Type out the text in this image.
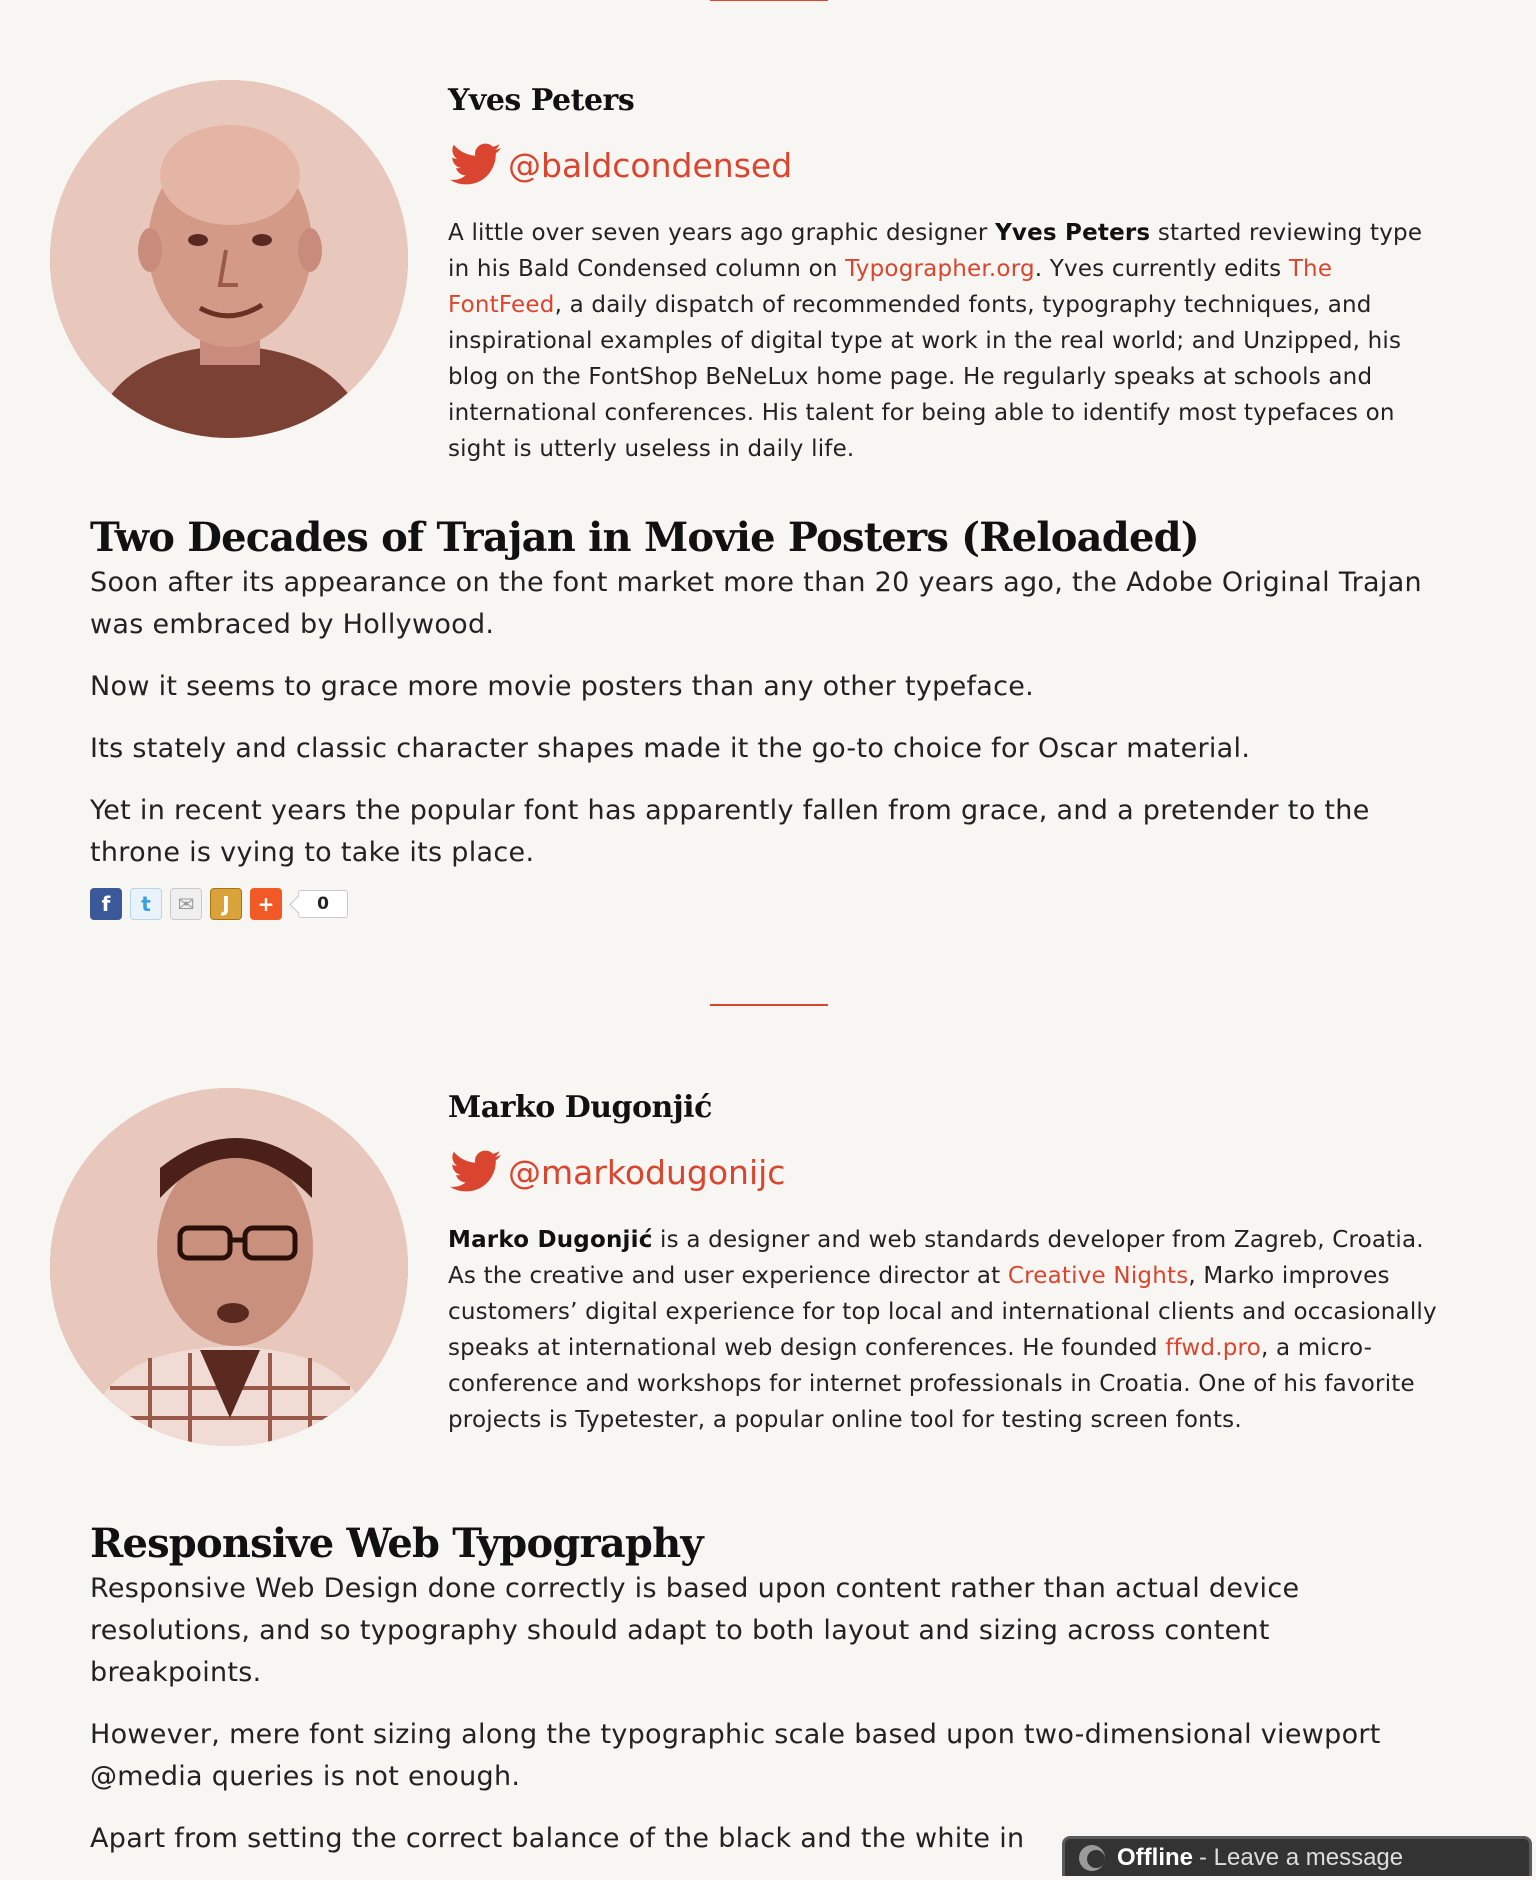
Yves Peters
@baldcondensed

A little over seven years ago graphic designer Yves Peters started reviewing type in his Bald Condensed column on Typographer.org. Yves currently edits The FontFeed, a daily dispatch of recommended fonts, typography techniques, and inspirational examples of digital type at work in the real world; and Unzipped, his blog on the FontShop BeNeLux home page. He regularly speaks at schools and international conferences. His talent for being able to identify most typefaces on sight is utterly useless in daily life.

Two Decades of Trajan in Movie Posters (Reloaded)

Soon after its appearance on the font market more than 20 years ago, the Adobe Original Trajan was embraced by Hollywood.

Now it seems to grace more movie posters than any other typeface.

Its stately and classic character shapes made it the go-to choice for Oscar material.

Yet in recent years the popular font has apparently fallen from grace, and a pretender to the throne is vying to take its place.

f	t	✉	J	+	0
Marko Dugonjić
@markodugonijc

Marko Dugonjić is a designer and web standards developer from Zagreb, Croatia. As the creative and user experience director at Creative Nights, Marko improves customers’ digital experience for top local and international clients and occasionally speaks at international web design conferences. He founded ffwd.pro, a micro-conference and workshops for internet professionals in Croatia. One of his favorite projects is Typetester, a popular online tool for testing screen fonts.

Responsive Web Typography

Responsive Web Design done correctly is based upon content rather than actual device resolutions, and so typography should adapt to both layout and sizing across content breakpoints.

However, mere font sizing along the typographic scale based upon two-dimensional viewport @media queries is not enough.

Apart from setting the correct balance of the black and the white in

Offline - Leave a message
